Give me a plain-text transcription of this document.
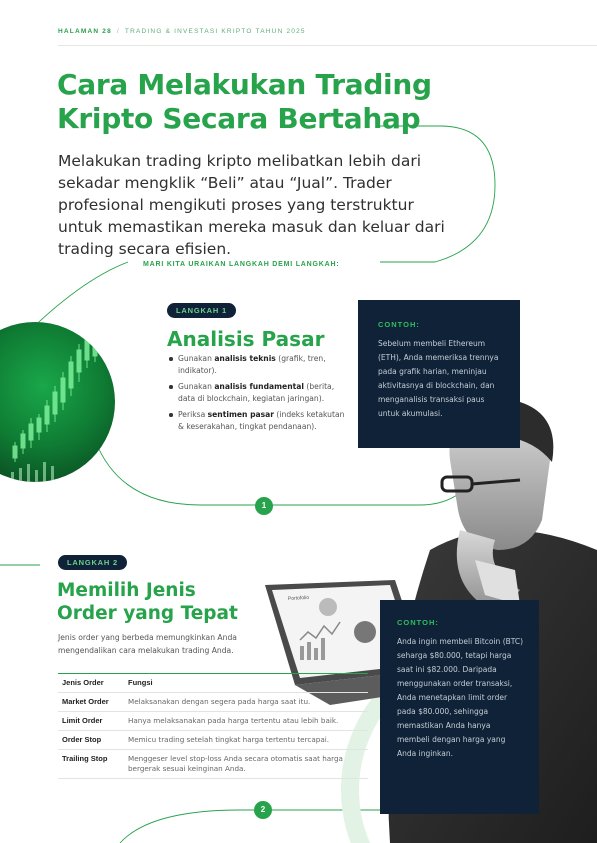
HALAMAN 28 / TRADING & INVESTASI KRIPTO TAHUN 2025
Cara Melakukan Trading
Kripto Secara Bertahap

Melakukan trading kripto melibatkan lebih dari sekadar mengklik “Beli” atau “Jual”. Trader profesional mengikuti proses yang terstruktur untuk memastikan mereka masuk dan keluar dari trading secara efisien.

MARI KITA URAIKAN LANGKAH DEMI LANGKAH:
Portofolio
LANGKAH 1
Analisis Pasar
Gunakan analisis teknis (grafik, tren, indikator).
Gunakan analisis fundamental (berita, data di blockchain, kegiatan jaringan).
Periksa sentimen pasar (indeks ketakutan & keserakahan, tingkat pendanaan).
CONTOH:
Sebelum membeli Ethereum (ETH), Anda memeriksa trennya pada grafik harian, meninjau aktivitasnya di blockchain, dan menganalisis transaksi paus untuk akumulasi.
1
LANGKAH 2
Memilih Jenis
Order yang Tepat

Jenis order yang berbeda memungkinkan Anda mengendalikan cara melakukan trading Anda.

Jenis Order	Fungsi
Market Order	Melaksanakan dengan segera pada harga saat itu.
Limit Order	Hanya melaksanakan pada harga tertentu atau lebih baik.
Order Stop	Memicu trading setelah tingkat harga tertentu tercapai.
Trailing Stop	Menggeser level stop-loss Anda secara otomatis saat harga bergerak sesuai keinginan Anda.
CONTOH:
Anda ingin membeli Bitcoin (BTC) seharga $80.000, tetapi harga saat ini $82.000. Daripada menggunakan order transaksi, Anda menetapkan limit order pada $80.000, sehingga memastikan Anda hanya membeli dengan harga yang Anda inginkan.
2
